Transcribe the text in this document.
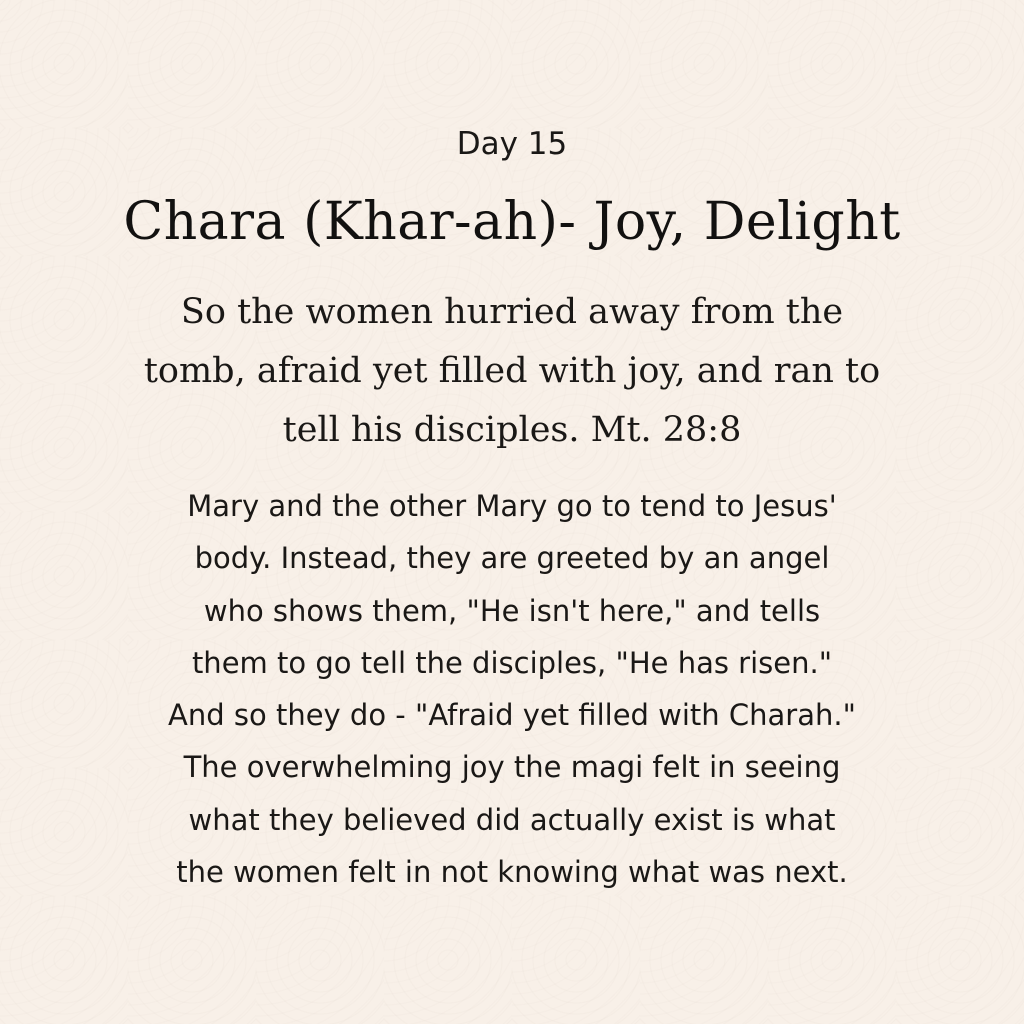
Day 15
Chara (Khar-ah)- Joy, Delight
So the women hurried away from the
tomb, afraid yet filled with joy, and ran to
tell his disciples. Mt. 28:8
Mary and the other Mary go to tend to Jesus'
body. Instead, they are greeted by an angel
who shows them, "He isn't here," and tells
them to go tell the disciples, "He has risen."
And so they do - "Afraid yet filled with Charah."
The overwhelming joy the magi felt in seeing
what they believed did actually exist is what
the women felt in not knowing what was next.
